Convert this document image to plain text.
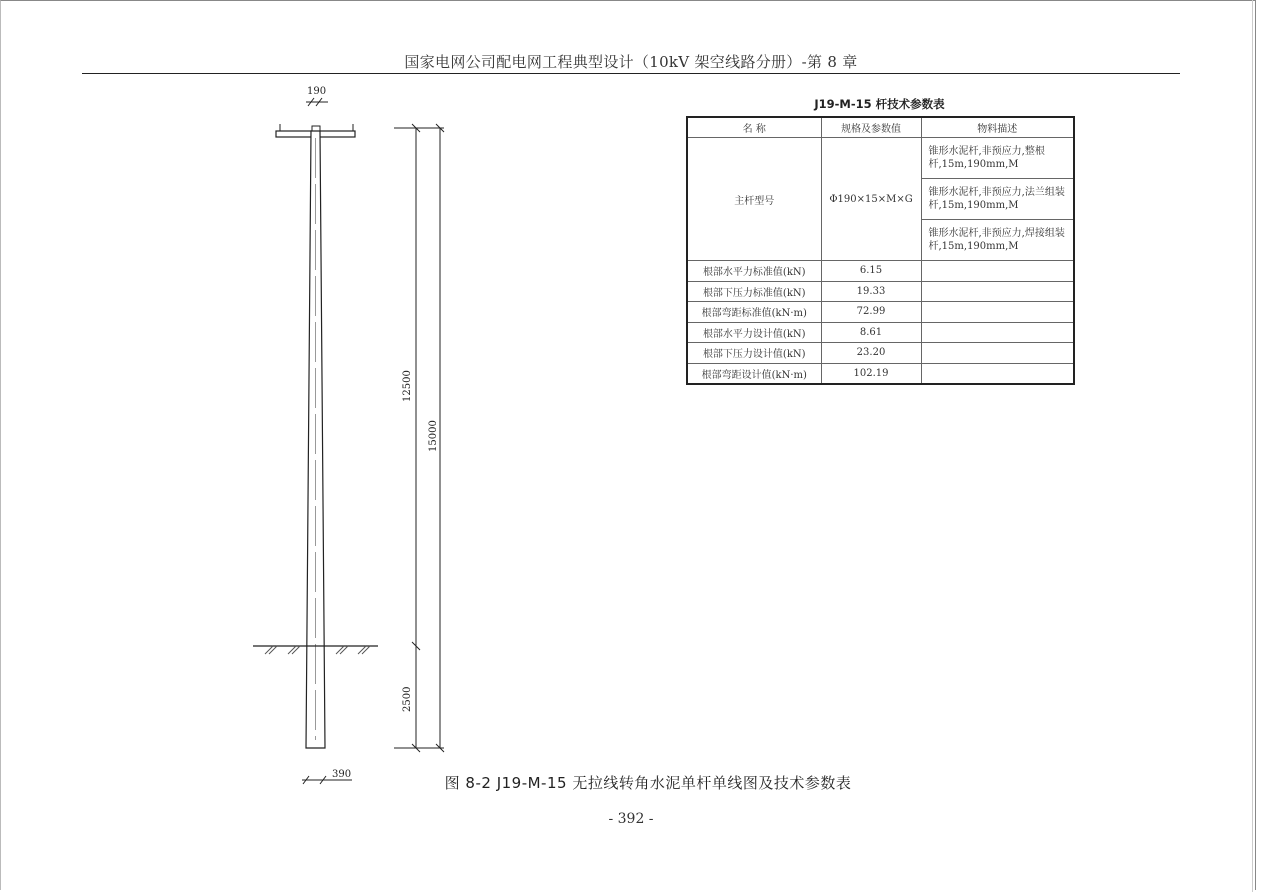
国家电网公司配电网工程典型设计（10kV 架空线路分册）-第 8 章
190
12500
15000
2500
390
J19-M-15 杆技术参数表
名 称	规格及参数值	物料描述
主杆型号	Φ190×15×M×G	锥形水泥杆,非预应力,整根杆,15m,190mm,M
		锥形水泥杆,非预应力,法兰组装杆,15m,190mm,M
		锥形水泥杆,非预应力,焊接组装杆,15m,190mm,M
根部水平力标准值(kN)	6.15	
根部下压力标准值(kN)	19.33	
根部弯距标准值(kN·m)	72.99	
根部水平力设计值(kN)	8.61	
根部下压力设计值(kN)	23.20	
根部弯距设计值(kN·m)	102.19	
图 8-2 J19-M-15 无拉线转角水泥单杆单线图及技术参数表
- 392 -
